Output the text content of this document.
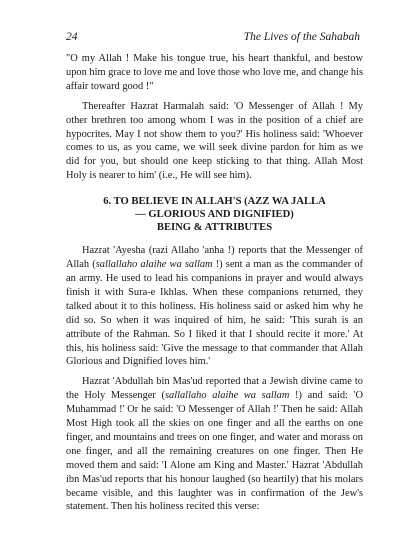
24	The Lives of the Sahabah

"O my Allah ! Make his tongue true, his heart thankful, and bestow upon him grace to love me and love those who love me, and change his affair toward good !"

Thereafter Hazrat Harmalah said: 'O Messenger of Allah ! My other brethren too among whom I was in the position of a chief are hypocrites. May I not show them to you?' His holiness said: 'Whoever comes to us, as you came, we will seek divine pardon for him as we did for you, but should one keep sticking to that thing. Allah Most Holy is nearer to him' (i.e., He will see him).

6. TO BELIEVE IN ALLAH'S (AZZ WA JALLA
— GLORIOUS AND DIGNIFIED)
BEING & ATTRIBUTES

Hazrat 'Ayesha (razi Allaho 'anha !) reports that the Messenger of Allah (sallallaho alaihe wa sallam !) sent a man as the commander of an army. He used to lead his companions in prayer and would always finish it with Sura-e Ikhlas. When these companions returned, they talked about it to this holiness. His holiness said or asked him why he did so. So when it was inquired of him, he said: 'This surah is an attribute of the Rahman. So I liked it that I should recite it more.' At this, his holiness said: 'Give the message to that commander that Allah Glorious and Dignified loves him.'

Hazrat 'Abdullah bin Mas'ud reported that a Jewish divine came to the Holy Messenger (sallallaho alaihe wa sallam !) and said: 'O Muhammad !' Or he said: 'O Messenger of Allah !' Then he said: Allah Most High took all the skies on one finger and all the earths on one finger, and mountains and trees on one finger, and water and morass on one finger, and all the remaining creatures on one finger. Then He moved them and said: 'I Alone am King and Master.' Hazrat 'Abdullah ibn Mas'ud reports that his honour laughed (so heartily) that his molars became visible, and this laughter was in confirmation of the Jew's statement. Then his holiness recited this verse:
